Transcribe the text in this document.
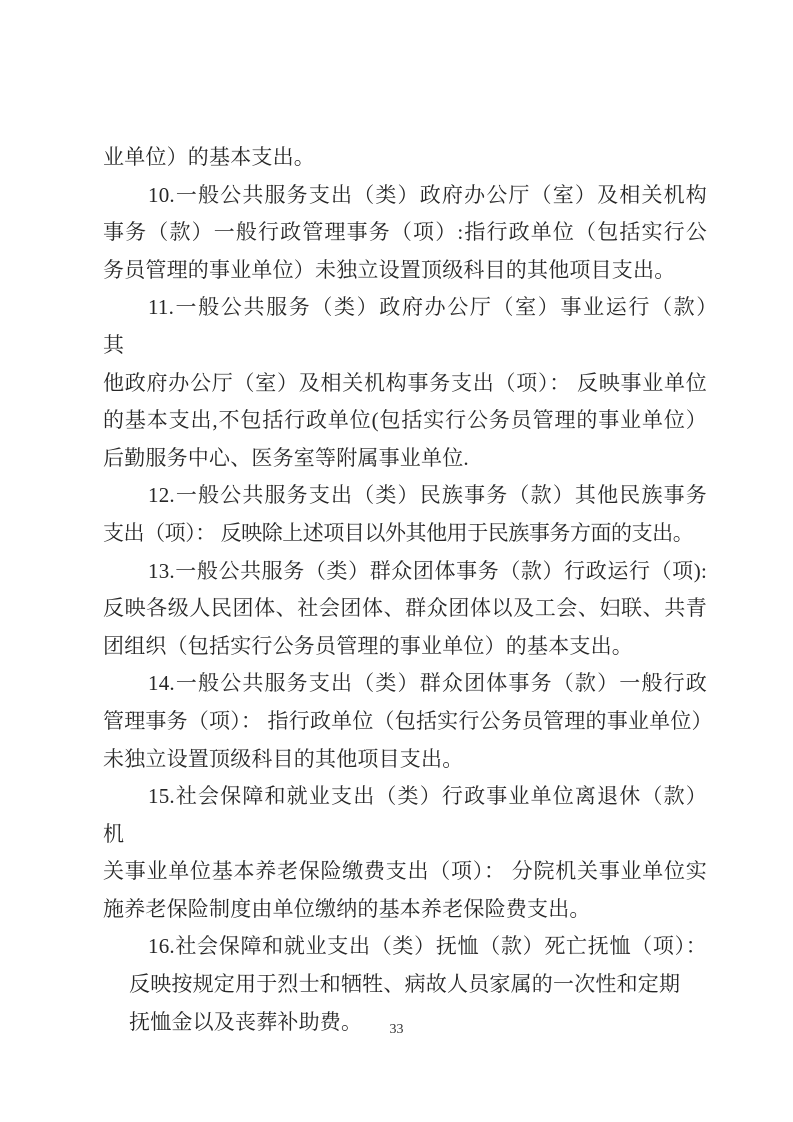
业单位）的基本支出。
10.一般公共服务支出（类）政府办公厅（室）及相关机构
事务（款）一般行政管理事务（项）:指行政单位（包括实行公
务员管理的事业单位）未独立设置顶级科目的其他项目支出。
11.一般公共服务（类）政府办公厅（室）事业运行（款）　 其
他政府办公厅（室）及相关机构事务支出（项）： 反映事业单位
的基本支出,不包括行政单位(包括实行公务员管理的事业单位）
后勤服务中心、医务室等附属事业单位.
12.一般公共服务支出（类）民族事务（款）其他民族事务
支出（项）： 反映除上述项目以外其他用于民族事务方面的支出。
13.一般公共服务（类）群众团体事务（款）行政运行（项):
反映各级人民团体、社会团体、群众团体以及工会、妇联、共青
团组织（包括实行公务员管理的事业单位）的基本支出。
14.一般公共服务支出（类）群众团体事务（款）一般行政
管理事务（项）： 指行政单位（包括实行公务员管理的事业单位）
未独立设置顶级科目的其他项目支出。
15.社会保障和就业支出（类）行政事业单位离退休（款） 机
关事业单位基本养老保险缴费支出（项）： 分院机关事业单位实
施养老保险制度由单位缴纳的基本养老保险费支出。
16.社会保障和就业支出（类）抚恤（款）死亡抚恤（项）：
反映按规定用于烈士和牺牲、病故人员家属的一次性和定期
抚恤金以及丧葬补助费。	33
